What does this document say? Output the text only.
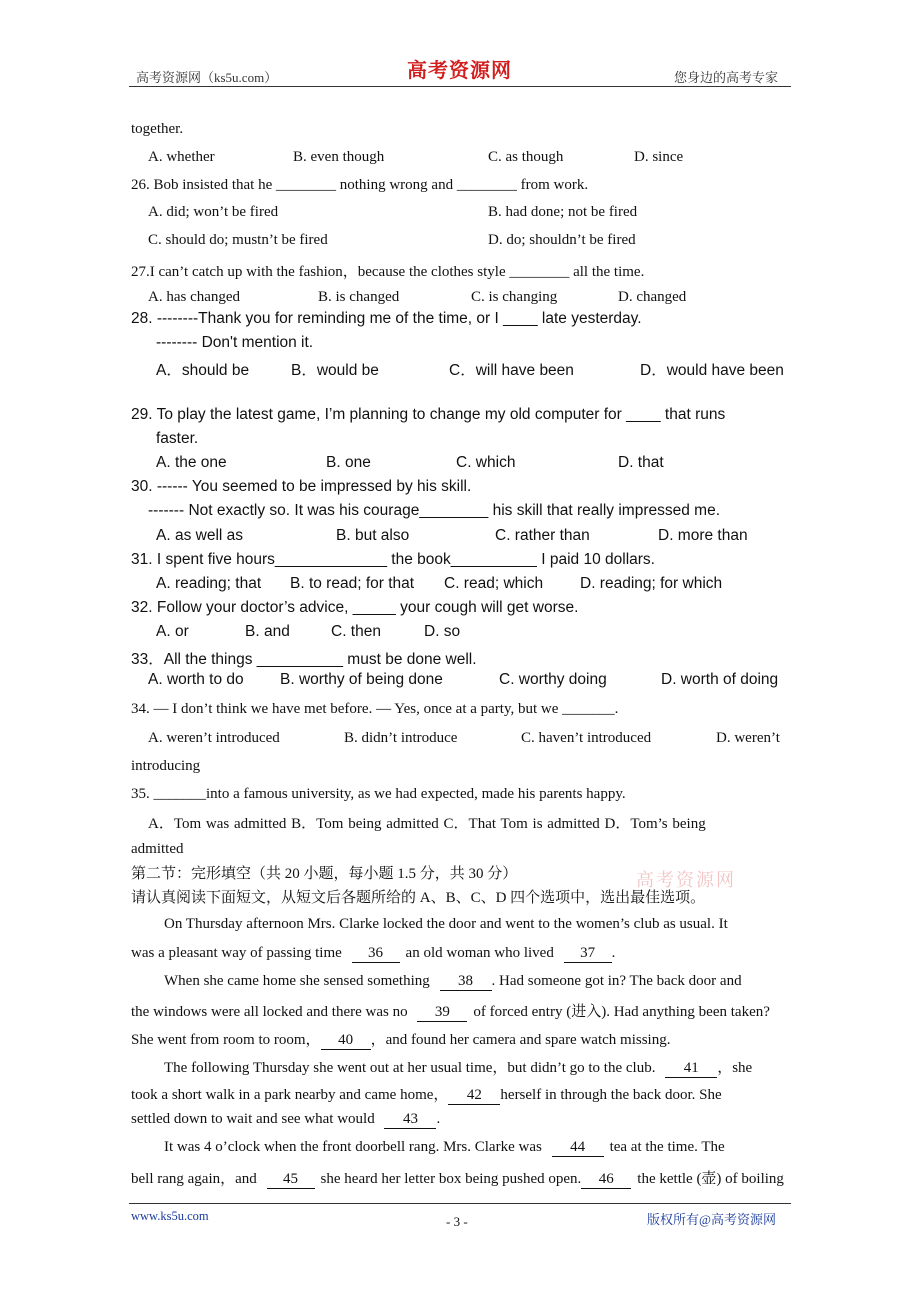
高考资源网（ks5u.com）	高考资源网	您身边的高考专家
together.
A. whether	B. even though	C. as though	D. since
26. Bob insisted that he ________ nothing wrong and ________ from work.
A. did; won’t be fired	B. had done; not be fired
C. should do; mustn’t be fired	D. do; shouldn’t be fired
27.I can’t catch up with the fashion，because the clothes style ________ all the time.
A. has changed	B. is changed	C. is changing	D. changed
28. --------Thank you for reminding me of the time, or I ____ late yesterday.
-------- Don't mention it.
A．should be	B．would be	C．will have been	D．would have been
29. To play the latest game, I’m planning to change my old computer for ____ that runs
faster.
A. the one	B. one	C. which	D. that
30. ------ You seemed to be impressed by his skill.
------- Not exactly so. It was his courage________ his skill that really impressed me.
A. as well as	B. but also	C. rather than	D. more than
31. I spent five hours_____________ the book__________ I paid 10 dollars.
A. reading; that B. to read; for that C. read; which D. reading; for which
32. Follow your doctor’s advice, _____ your cough will get worse.
A. or	B. and	C. then	D. so
33．All the things __________ must be done well.
A. worth to do B. worthy of being done	C. worthy doing	D. worth of doing
34. — I don’t think we have met before. — Yes, once at a party, but we _______.
A. weren’t introduced	B. didn’t introduce	C. haven’t introduced	D. weren’t
introducing
35. _______into a famous university, as we had expected, made his parents happy.
A．Tom was admitted B．Tom being admitted C．That Tom is admitted D．Tom’s being
admitted
第二节：完形填空（共 20 小题，每小题 1.5 分，共 30 分）	高考资源网
请认真阅读下面短文，从短文后各题所给的 A、B、C、D 四个选项中，选出最佳选项。
On Thursday afternoon Mrs. Clarke locked the door and went to the women’s club as usual. It
was a pleasant way of passing time 36 an old woman who lived 37 .
When she came home she sensed something 38 . Had someone got in? The back door and
the windows were all locked and there was no 39 of forced entry (进入). Had anything been taken?
She went from room to room， 40 ，and found her camera and spare watch missing.
The following Thursday she went out at her usual time，but didn’t go to the club. 41 ，she
took a short walk in a park nearby and came home， 42 herself in through the back door. She
settled down to wait and see what would 43 .
It was 4 o’clock when the front doorbell rang. Mrs. Clarke was 44 tea at the time. The
bell rang again，and 45 she heard her letter box being pushed open. 46 the kettle (壶) of boiling
www.ks5u.com	- 3 -	版权所有@高考资源网
